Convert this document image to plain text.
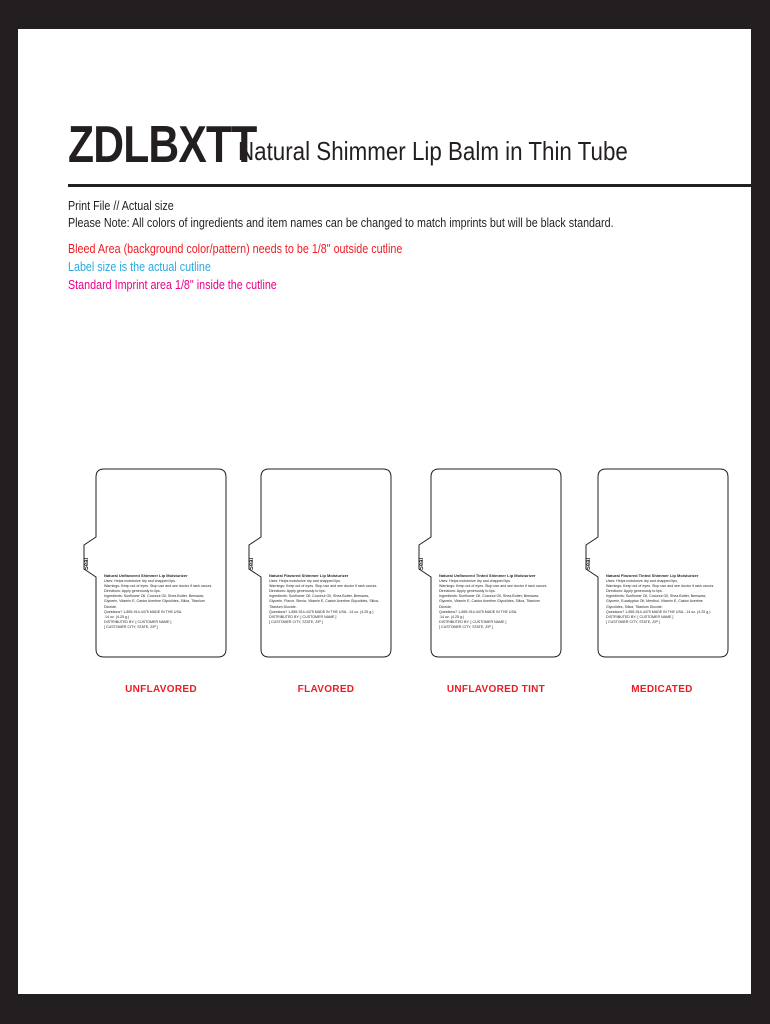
ZDLBXTT
Natural Shimmer Lip Balm in Thin Tube
Print File // Actual size
Please Note: All colors of ingredients and item names can be changed to match imprints but will be black standard.
Bleed Area (background color/pattern) needs to be 1/8" outside cutline
Label size is the actual cutline
Standard Imprint area 1/8" inside the cutline
Seal
Natural Unflavored Shimmer Lip Moisturizer
Uses: Helps moisturize dry and chapped lips.
Warnings: Keep out of eyes. Stop use and see doctor if rash occurs.
Directions: Apply generously to lips.
Ingredients: Sunflower Oil, Coconut Oil, Shea Butter, Beeswax, Glycerin, Vitamin E, Castor Avertine Glycolides, Silica, Titanium Dioxide.
Questions? 1-855-914-4475 MADE IN THE USA.
.14 oz. (4.25 g.)
DISTRIBUTED BY: [ CUSTOMER NAME ]
[ CUSTOMER CITY, STATE, ZIP ]
UNFLAVORED
Seal
Natural Flavored Shimmer Lip Moisturizer
Uses: Helps moisturize dry and chapped lips.
Warnings: Keep out of eyes. Stop use and see doctor if rash occurs.
Directions: Apply generously to lips.
Ingredients: Sunflower Oil, Coconut Oil, Shea Butter, Beeswax, Glycerin, Flavor, Stevia, Vitamin E, Castor Avertine Glycolides, Silica, Titanium Dioxide.
Questions? 1-855-914-4475 MADE IN THE USA. .14 oz. (4.25 g.)
DISTRIBUTED BY: [ CUSTOMER NAME ]
[ CUSTOMER CITY, STATE, ZIP ]
FLAVORED
Seal
Natural Unflavored Tinted Shimmer Lip Moisturizer
Uses: Helps moisturize dry and chapped lips.
Warnings: Keep out of eyes. Stop use and see doctor if rash occurs.
Directions: Apply generously to lips.
Ingredients: Sunflower Oil, Coconut Oil, Shea Butter, Beeswax, Glycerin, Vitamin E, Castor Avertine Glycolides, Silica, Titanium Dioxide.
Questions? 1-855-914-4475 MADE IN THE USA.
.14 oz. (4.25 g.)
DISTRIBUTED BY: [ CUSTOMER NAME ]
[ CUSTOMER CITY, STATE, ZIP ]
UNFLAVORED TINT
Seal
Natural Flavored Tinted Shimmer Lip Moisturizer
Uses: Helps moisturize dry and chapped lips.
Warnings: Keep out of eyes. Stop use and see doctor if rash occurs.
Directions: Apply generously to lips.
Ingredients: Sunflower Oil, Coconut Oil, Shea Butter, Beeswax, Glycerin, Eucalyptus Oil, Menthol, Vitamin E, Castor Avertine Glycolides, Silica, Titanium Dioxide.
Questions? 1-855-914-4475 MADE IN THE USA. .14 oz. (4.25 g.)
DISTRIBUTED BY: [ CUSTOMER NAME ]
[ CUSTOMER CITY, STATE, ZIP ]
MEDICATED
